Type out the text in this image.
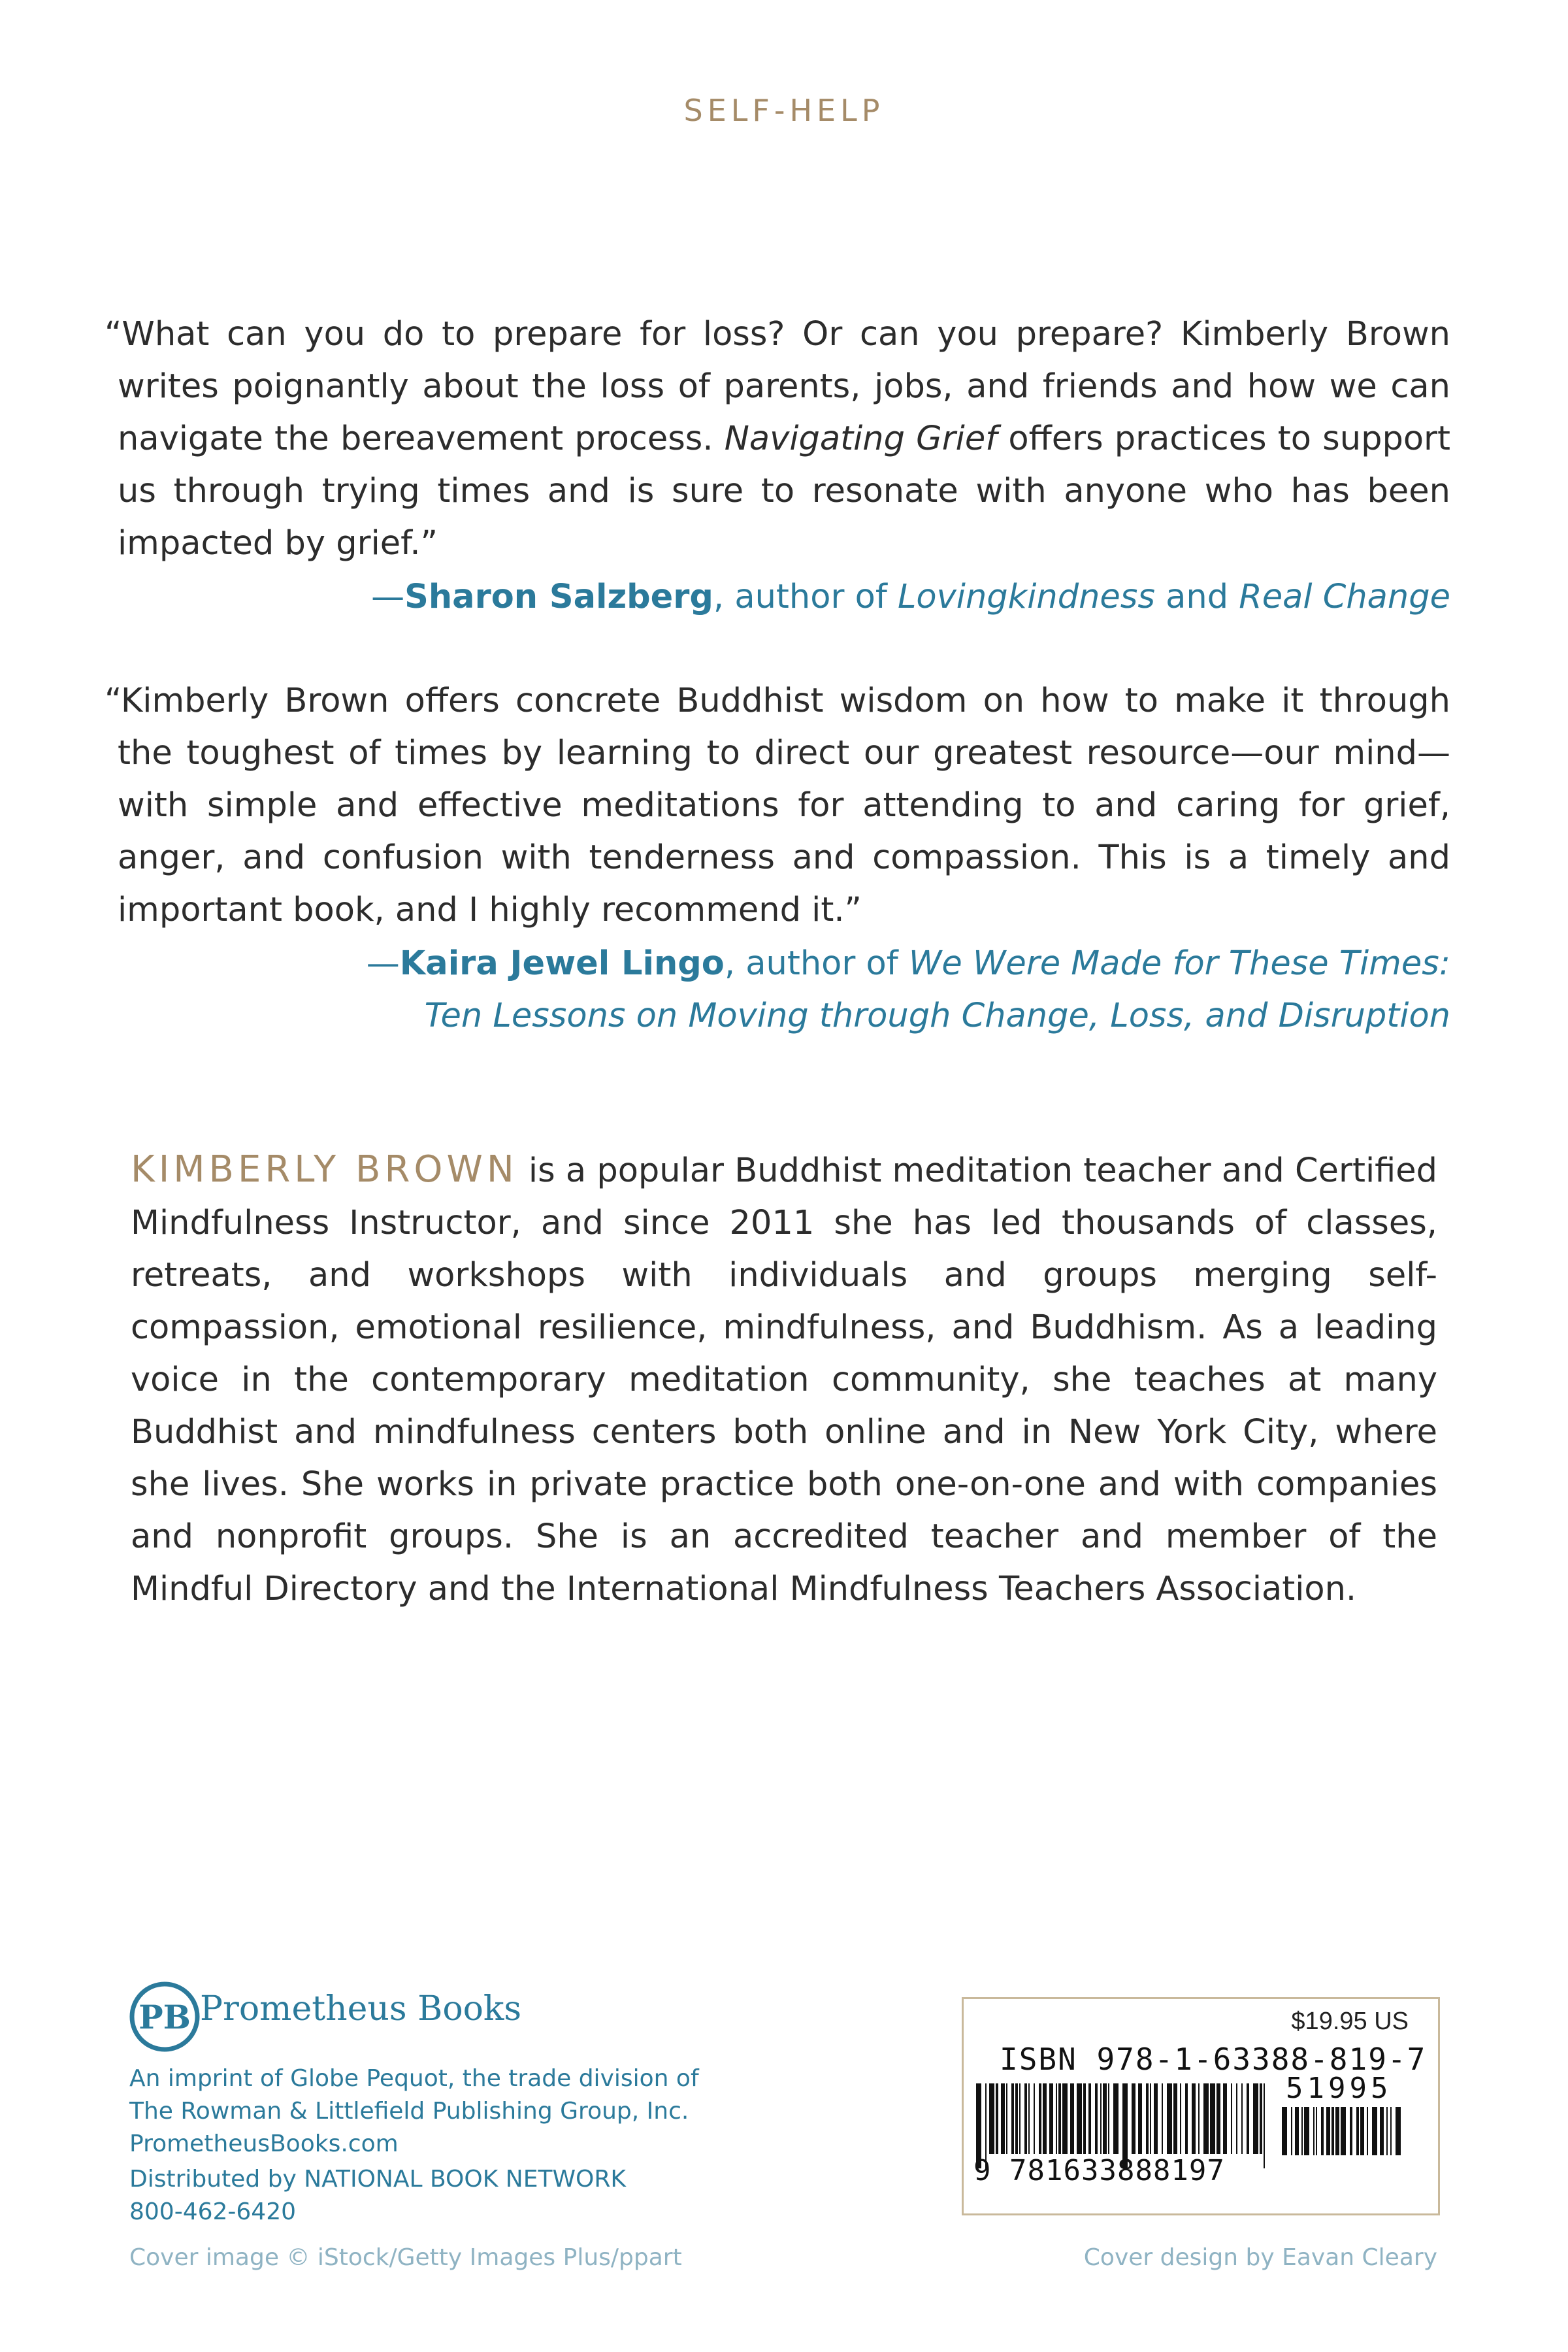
SELF-HELP

“What can you do to prepare for loss? Or can you prepare? Kimberly Brown writes poignantly about the loss of parents, jobs, and friends and how we can navigate the bereavement process. Navigating Grief offers practices to support us through trying times and is sure to resonate with anyone who has been impacted by grief.”

—Sharon Salzberg, author of Lovingkindness and Real Change

“Kimberly Brown offers concrete Buddhist wisdom on how to make it through the toughest of times by learning to direct our greatest resource—our mind—with simple and effective meditations for attending to and caring for grief, anger, and confusion with tenderness and compassion. This is a timely and important book, and I highly recommend it.”

—Kaira Jewel Lingo, author of We Were Made for These Times:
Ten Lessons on Moving through Change, Loss, and Disruption

KIMBERLY BROWN is a popular Buddhist meditation teacher and Certified Mindfulness Instructor, and since 2011 she has led thousands of classes, retreats, and workshops with individuals and groups merging self-compassion, emotional resilience, mindfulness, and Buddhism. As a leading voice in the contemporary meditation community, she teaches at many Buddhist and mindfulness centers both online and in New York City, where she lives. She works in private practice both one-on-one and with companies and nonprofit groups. She is an accredited teacher and member of the Mindful Directory and the International Mindfulness Teachers Association.

PB Prometheus Books
An imprint of Globe Pequot, the trade division of
The Rowman & Littlefield Publishing Group, Inc.
PrometheusBooks.com
Distributed by NATIONAL BOOK NETWORK
800-462-6420
Cover image © iStock/Getty Images Plus/ppart	Cover design by Eavan Cleary
$19.95 US
ISBN 978-1-63388-819-7
51995
9 781633888197
